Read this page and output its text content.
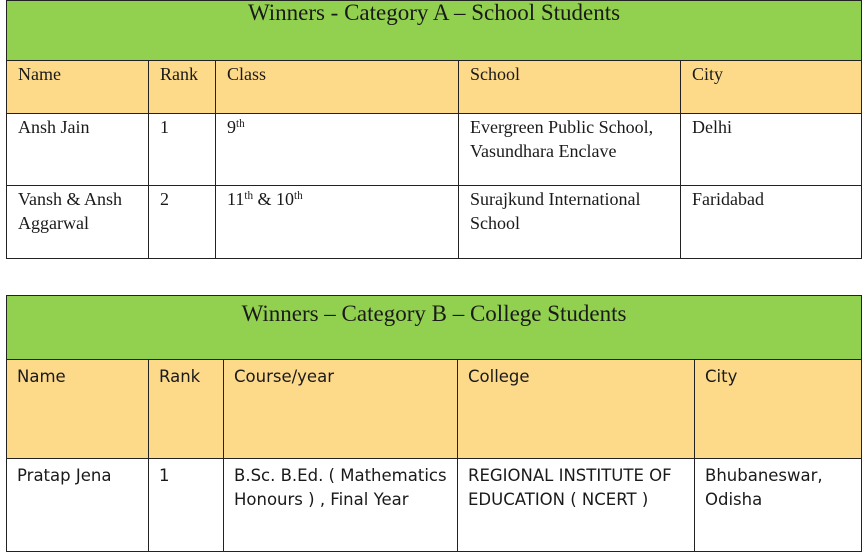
Winners - Category A – School Students				
Name	Rank	Class	School	City
Ansh Jain	1	9th	Evergreen Public School, Vasundhara Enclave	Delhi
Vansh & Ansh Aggarwal	2	11th & 10th	Surajkund International School	Faridabad
Winners – Category B – College Students				
Name	Rank	Course/year	College	City
Pratap Jena	1	B.Sc. B.Ed. ( Mathematics Honours ) , Final Year	REGIONAL INSTITUTE OF EDUCATION ( NCERT )	Bhubaneswar, Odisha
